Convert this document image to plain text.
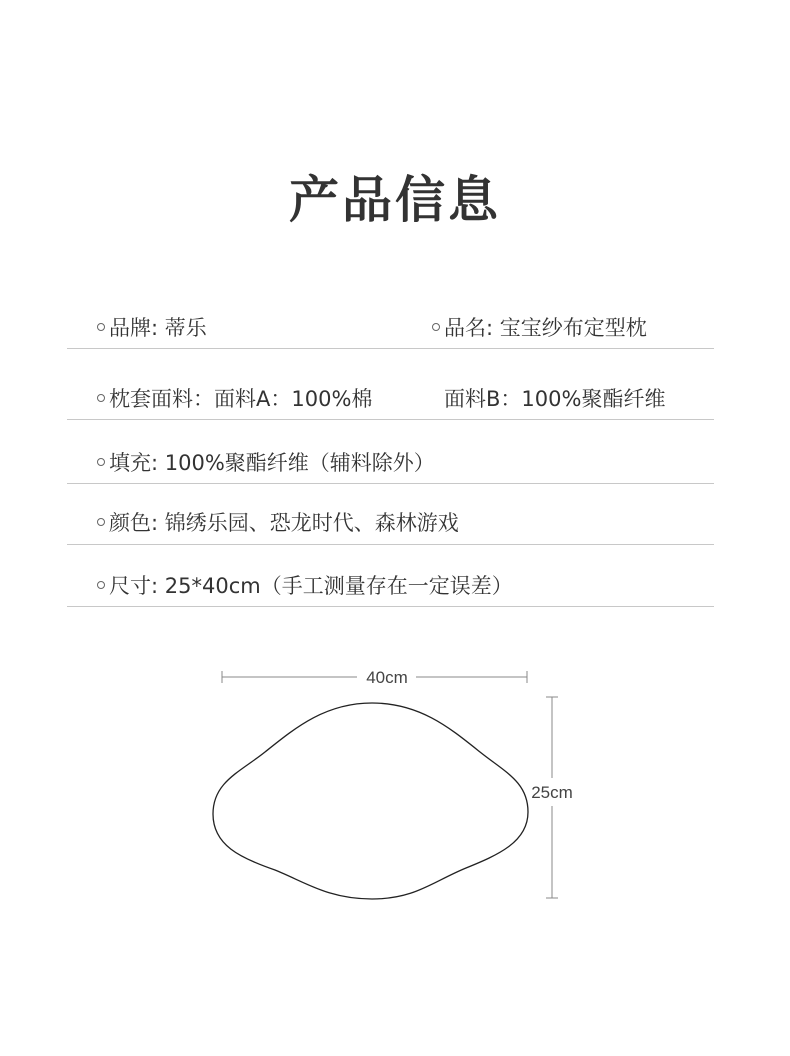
产品信息
品牌: 蒂乐	品名: 宝宝纱布定型枕
枕套面料：面料A：100%棉	面料B：100%聚酯纤维
填充: 100%聚酯纤维（辅料除外）
颜色: 锦绣乐园、恐龙时代、森林游戏
尺寸: 25*40cm（手工测量存在一定误差）
40cm
25cm
